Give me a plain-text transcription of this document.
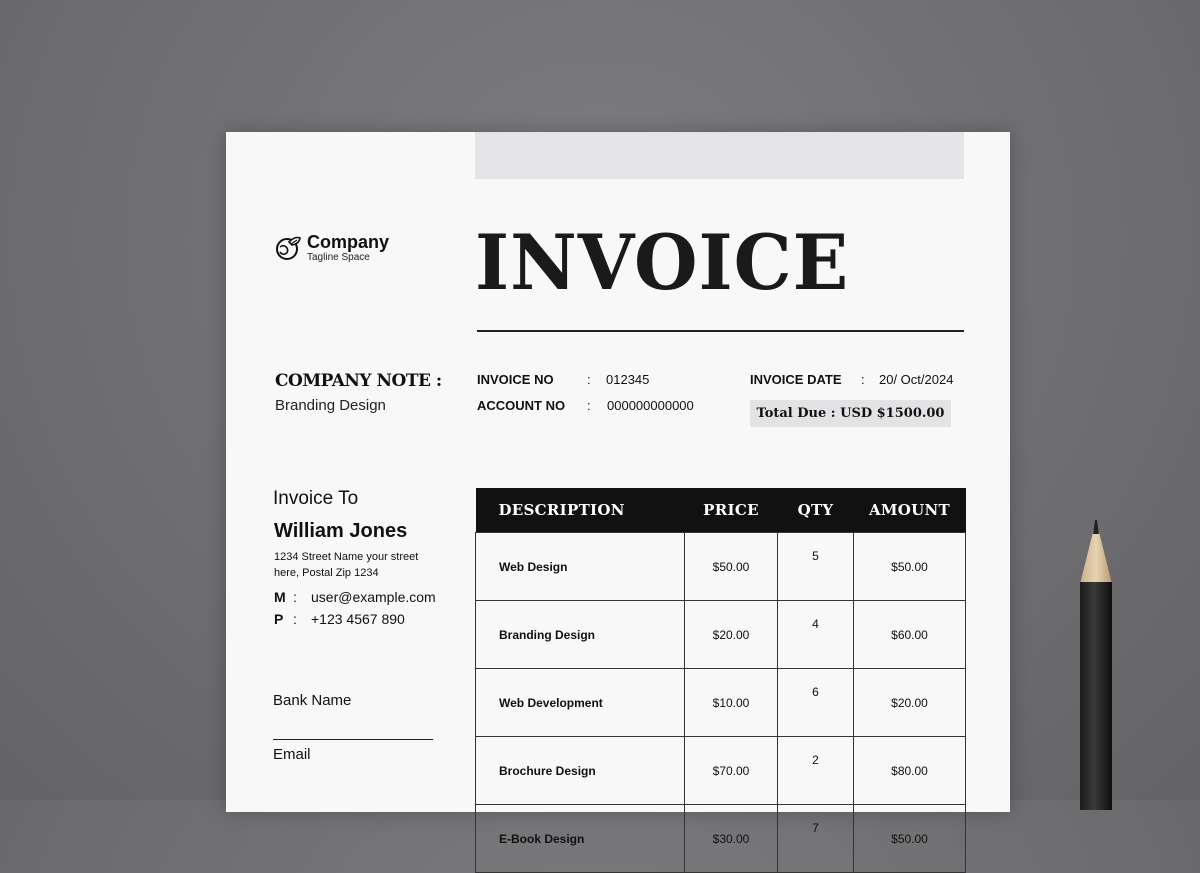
Company
Tagline Space INVOICE
COMPANY NOTE :
Branding Design
INVOICE NO	: 012345
ACCOUNT NO : 000000000000
INVOICE DATE : 20/ Oct/2024
Total Due : USD $1500.00
Invoice To
William Jones
1234 Street Name your street here, Postal Zip 1234
M : user@example.com
P : +123 4567 890
Bank Name
Email
DESCRIPTION	PRICE	QTY	AMOUNT
Web Design	$50.00	5	$50.00
Branding Design	$20.00	4	$60.00
Web Development	$10.00	6	$20.00
Brochure Design	$70.00	2	$80.00
E-Book Design	$30.00	7	$50.00
